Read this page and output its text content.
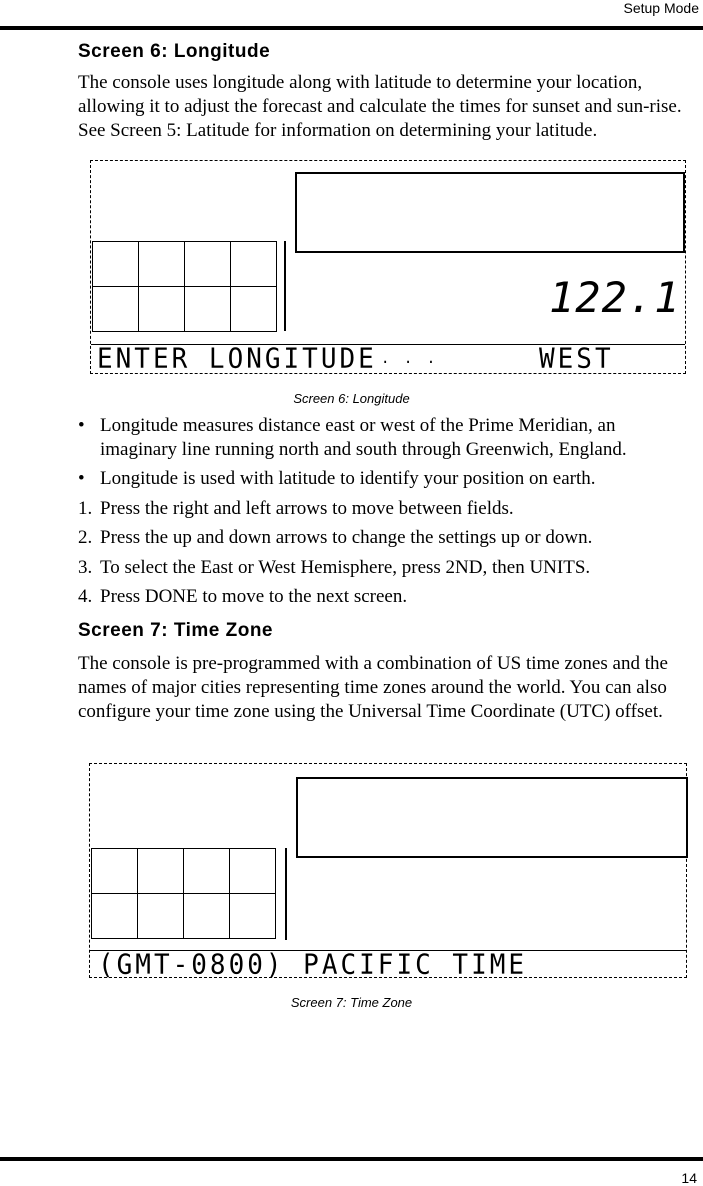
Setup Mode
Screen 6: Longitude

The console uses longitude along with latitude to determine your location, allowing it to adjust the forecast and calculate the times for sunset and sun-rise. See Screen 5: Latitude for information on determining your latitude.

122.1
ENTER LONGITUDE . . .	WEST
Screen 6: Longitude
• Longitude measures distance east or west of the Prime Meridian, an imaginary line running north and south through Greenwich, England.
• Longitude is used with latitude to identify your position on earth.
1. Press the right and left arrows to move between fields.
2. Press the up and down arrows to change the settings up or down.
3. To select the East or West Hemisphere, press 2ND, then UNITS.
4. Press DONE to move to the next screen.
Screen 7: Time Zone

The console is pre-programmed with a combination of US time zones and the names of major cities representing time zones around the world. You can also configure your time zone using the Universal Time Coordinate (UTC) offset.

(GMT-0800) PACIFIC TIME
Screen 7: Time Zone
14
